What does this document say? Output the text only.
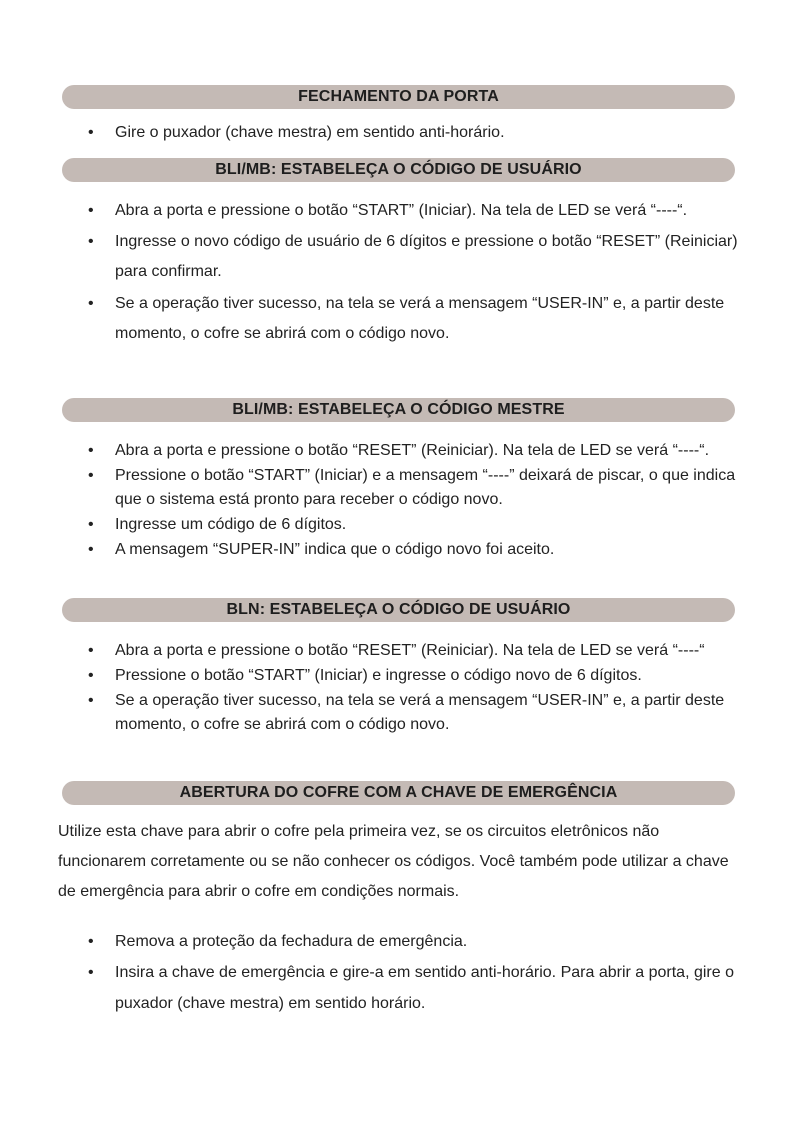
FECHAMENTO DA PORTA
• Gire o puxador (chave mestra) em sentido anti-horário.
BLI/MB: ESTABELEÇA O CÓDIGO DE USUÁRIO
• Abra a porta e pressione o botão “START” (Iniciar). Na tela de LED se verá “----“.
• Ingresse o novo código de usuário de 6 dígitos e pressione o botão “RESET” (Reiniciar) para confirmar.
• Se a operação tiver sucesso, na tela se verá a mensagem “USER-IN” e, a partir deste momento, o cofre se abrirá com o código novo.
BLI/MB: ESTABELEÇA O CÓDIGO MESTRE
• Abra a porta e pressione o botão “RESET” (Reiniciar). Na tela de LED se verá “----“.
• Pressione o botão “START” (Iniciar) e a mensagem “----” deixará de piscar, o que indica que o sistema está pronto para receber o código novo.
• Ingresse um código de 6 dígitos.
• A mensagem “SUPER-IN” indica que o código novo foi aceito.
BLN: ESTABELEÇA O CÓDIGO DE USUÁRIO
• Abra a porta e pressione o botão “RESET” (Reiniciar). Na tela de LED se verá “----“
• Pressione o botão “START” (Iniciar) e ingresse o código novo de 6 dígitos.
• Se a operação tiver sucesso, na tela se verá a mensagem “USER-IN” e, a partir deste momento, o cofre se abrirá com o código novo.
ABERTURA DO COFRE COM A CHAVE DE EMERGÊNCIA

Utilize esta chave para abrir o cofre pela primeira vez, se os circuitos eletrônicos não funcionarem corretamente ou se não conhecer os códigos. Você também pode utilizar a chave de emergência para abrir o cofre em condições normais.

• Remova a proteção da fechadura de emergência.
• Insira a chave de emergência e gire-a em sentido anti-horário. Para abrir a porta, gire o puxador (chave mestra) em sentido horário.
